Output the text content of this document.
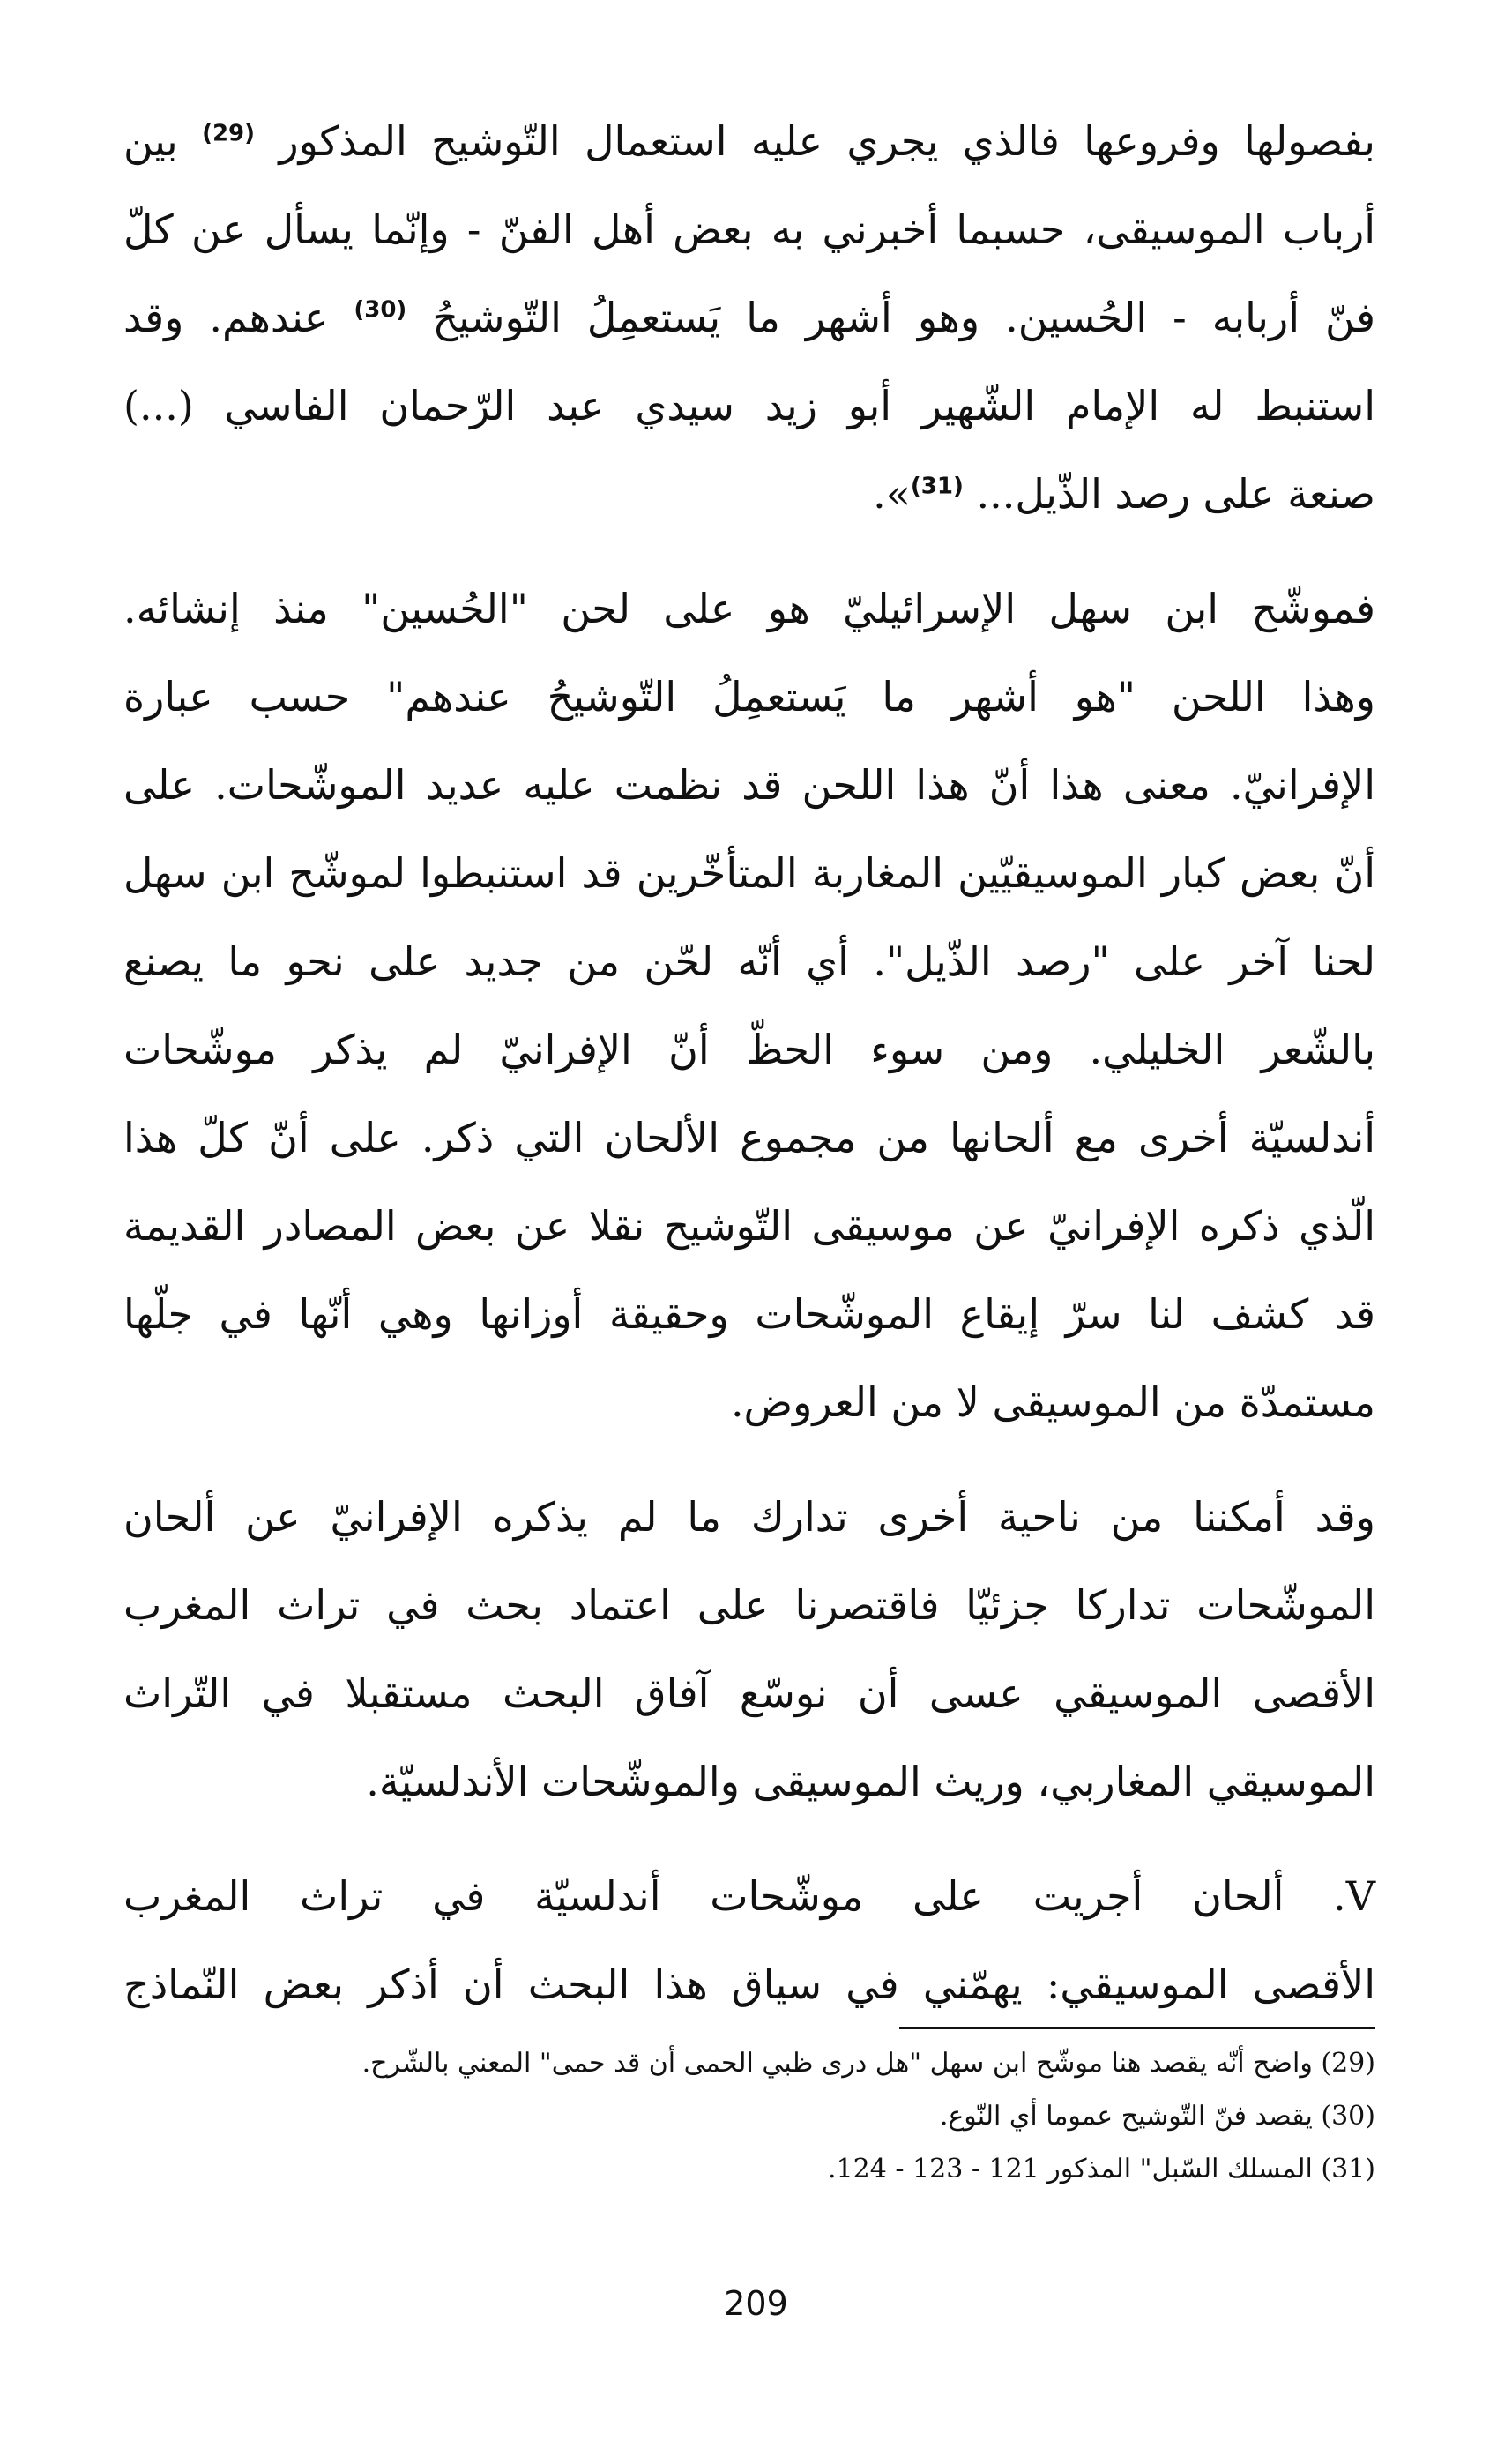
بفصولها وفروعها فالذي يجري عليه استعمال التّوشيح المذكور $^{(29)}$ بين
أرباب الموسيقى، حسبما أخبرني به بعض أهل الفنّ - وإنّما يسأل عن كلّ
فنّ أربابه - الحُسين. وهو أشهر ما يَستعمِلُ التّوشيحُ $^{(30)}$ عندهم. وقد
استنبط له الإمام الشّهير أبو زيد سيدي عبد الرّحمان الفاسي (...)
صنعة على رصد الذّيل... $^{(31)}$».

فموشّح ابن سهل الإسرائيليّ هو على لحن "الحُسين" منذ إنشائه.
وهذا اللحن "هو أشهر ما يَستعمِلُ التّوشيحُ عندهم" حسب عبارة
الإفرانيّ. معنى هذا أنّ هذا اللحن قد نظمت عليه عديد الموشّحات. على
أنّ بعض كبار الموسيقيّين المغاربة المتأخّرين قد استنبطوا لموشّح ابن سهل
لحنا آخر على "رصد الذّيل". أي أنّه لحّن من جديد على نحو ما يصنع
بالشّعر الخليلي. ومن سوء الحظّ أنّ الإفرانيّ لم يذكر موشّحات
أندلسيّة أخرى مع ألحانها من مجموع الألحان التي ذكر. على أنّ كلّ هذا
الّذي ذكره الإفرانيّ عن موسيقى التّوشيح نقلا عن بعض المصادر القديمة
قد كشف لنا سرّ إيقاع الموشّحات وحقيقة أوزانها وهي أنّها في جلّها
مستمدّة من الموسيقى لا من العروض.

وقد أمكننا من ناحية أخرى تدارك ما لم يذكره الإفرانيّ عن ألحان
الموشّحات تداركا جزئيّا فاقتصرنا على اعتماد بحث في تراث المغرب
الأقصى الموسيقي عسى أن نوسّع آفاق البحث مستقبلا في التّراث
الموسيقي المغاربي، وريث الموسيقى والموشّحات الأندلسيّة.

V. ألحان أجريت على موشّحات أندلسيّة في تراث المغرب
الأقصى الموسيقي: يهمّني في سياق هذا البحث أن أذكر بعض النّماذج

(29) واضح أنّه يقصد هنا موشّح ابن سهل "هل درى ظبي الحمى أن قد حمى" المعني بالشّرح.
(30) يقصد فنّ التّوشيح عموما أي النّوع.
(31) المسلك السّبل" المذكور 121 - 123 - 124.
209
